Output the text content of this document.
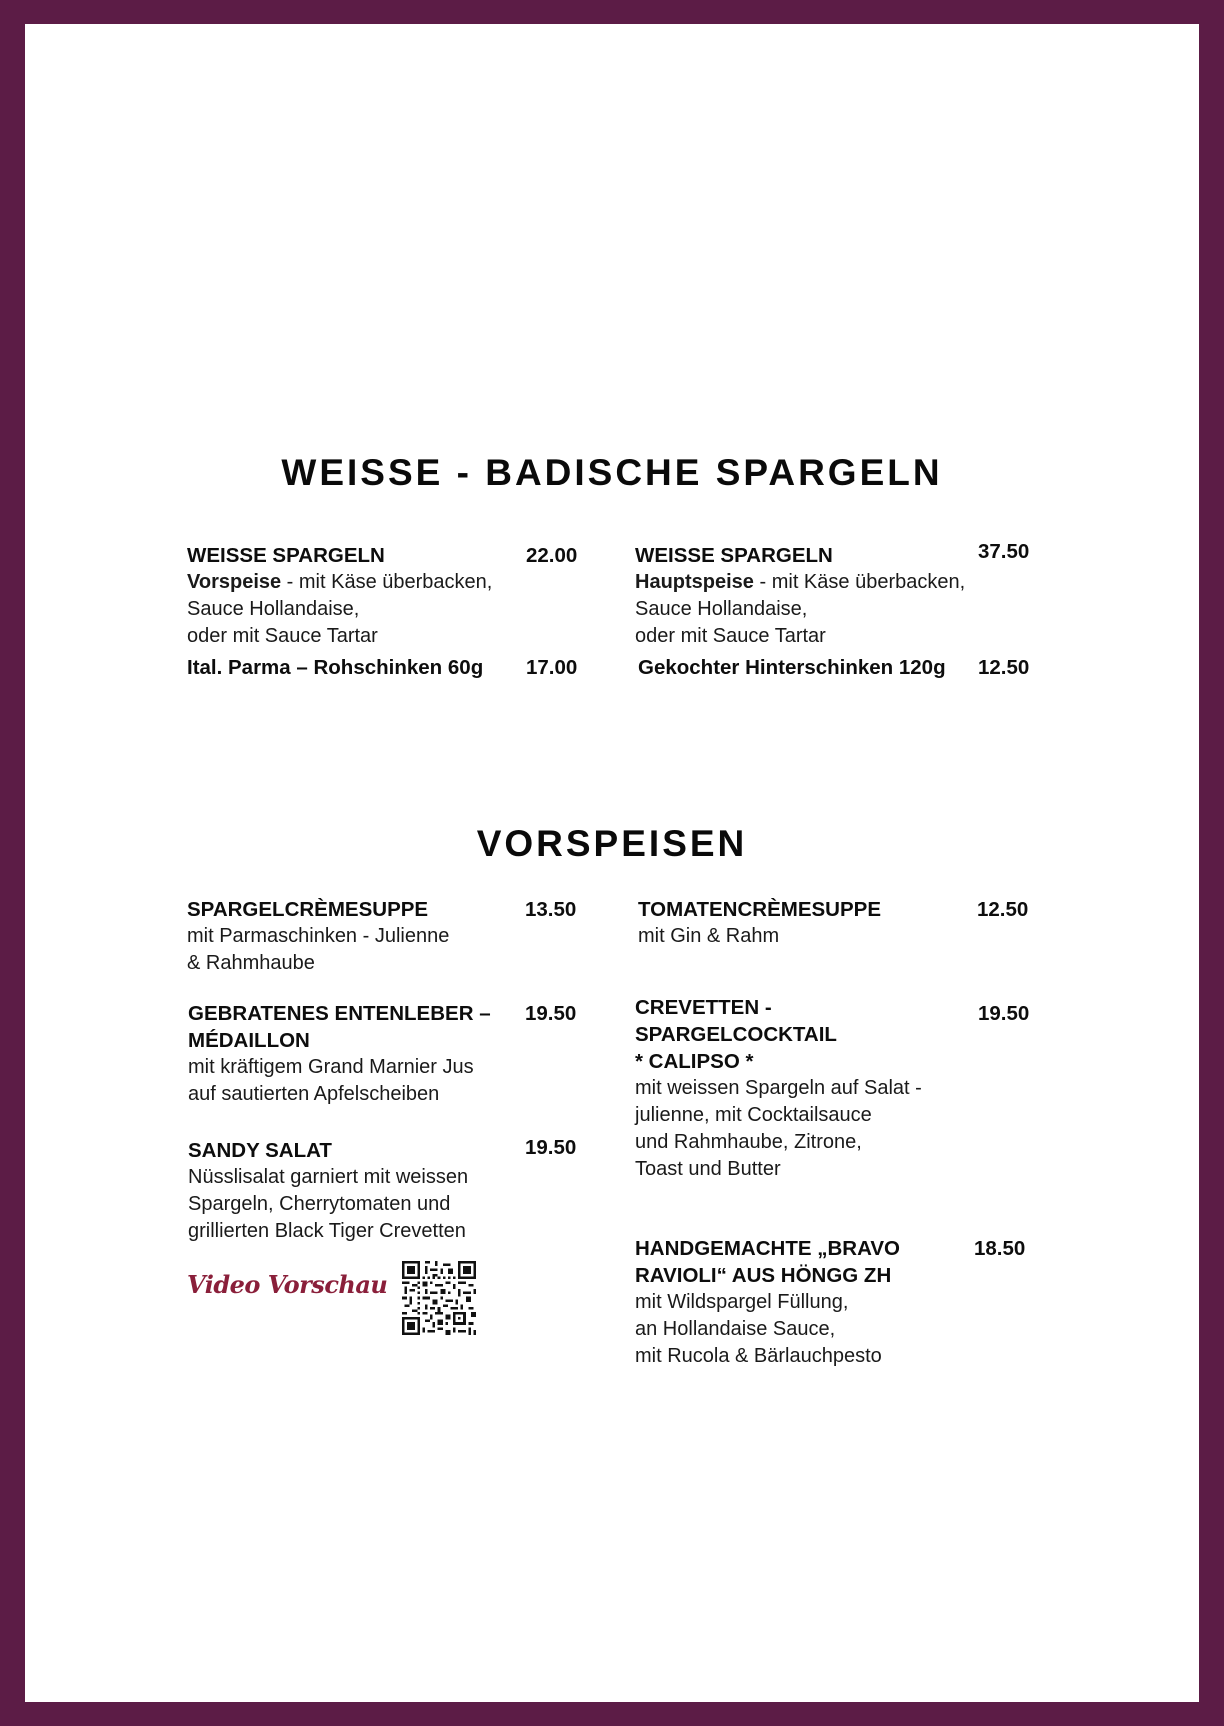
WEISSE - BADISCHE SPARGELN
WEISSE SPARGELN
Vorspeise - mit Käse überbacken,
Sauce Hollandaise,
oder mit Sauce Tartar
22.00
Ital. Parma – Rohschinken 60g 17.00
WEISSE SPARGELN
Hauptspeise - mit Käse überbacken,
Sauce Hollandaise,
oder mit Sauce Tartar
37.50
Gekochter Hinterschinken 120g 12.50
VORSPEISEN
SPARGELCRÈMESUPPE
mit Parmaschinken - Julienne
& Rahmhaube
13.50	TOMATENCRÈMESUPPE
mit Gin & Rahm
12.50
GEBRATENES ENTENLEBER –
MÉDAILLON
mit kräftigem Grand Marnier Jus
auf sautierten Apfelscheiben
19.50	CREVETTEN -
SPARGELCOCKTAIL
* CALIPSO *
mit weissen Spargeln auf Salat -
julienne, mit Cocktailsauce
und Rahmhaube, Zitrone,
Toast und Butter
19.50
SANDY SALAT
Nüsslisalat garniert mit weissen
Spargeln, Cherrytomaten und
grillierten Black Tiger Crevetten
19.50
HANDGEMACHTE „BRAVO
RAVIOLI“ AUS HÖNGG ZH
mit Wildspargel Füllung,
an Hollandaise Sauce,
mit Rucola & Bärlauchpesto
18.50
Video Vorschau
